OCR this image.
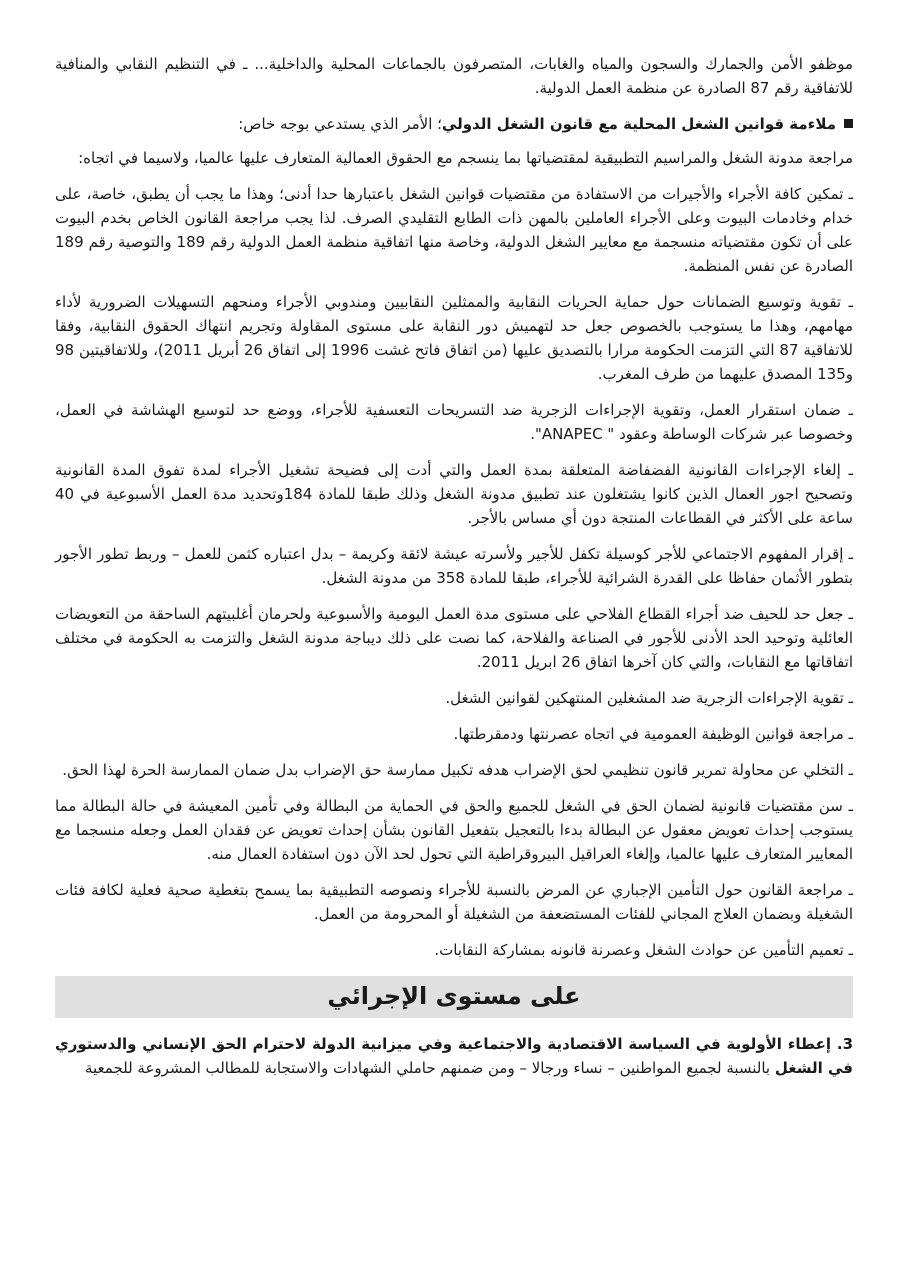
موظفو الأمن والجمارك والسجون والمياه والغابات، المتصرفون بالجماعات المحلية والداخلية... ـ في التنظيم النقابي والمنافية للاتفاقية رقم 87 الصادرة عن منظمة العمل الدولية.

ملاءمة قوانين الشغل المحلية مع قانون الشغل الدولي؛ الأمر الذي يستدعي بوجه خاص:

مراجعة مدونة الشغل والمراسيم التطبيقية لمقتضياتها بما ينسجم مع الحقوق العمالية المتعارف عليها عالميا، ولاسيما في اتجاه:

ـ تمكين كافة الأجراء والأجيرات من الاستفادة من مقتضيات قوانين الشغل باعتبارها حدا أدنى؛ وهذا ما يجب أن يطبق، خاصة، على خدام وخادمات البيوت وعلى الأجراء العاملين بالمهن ذات الطابع التقليدي الصرف. لذا يجب مراجعة القانون الخاص بخدم البيوت على أن تكون مقتضياته منسجمة مع معايير الشغل الدولية، وخاصة منها اتفاقية منظمة العمل الدولية رقم 189 والتوصية رقم 189 الصادرة عن نفس المنظمة.

ـ تقوية وتوسيع الضمانات حول حماية الحريات النقابية والممثلين النقابيين ومندوبي الأجراء ومنحهم التسهيلات الضرورية لأداء مهامهم، وهذا ما يستوجب بالخصوص جعل حد لتهميش دور النقابة على مستوى المقاولة وتجريم انتهاك الحقوق النقابية، وفقا للاتفاقية 87 التي التزمت الحكومة مرارا بالتصديق عليها (من اتفاق فاتح غشت 1996 إلى اتفاق 26 أبريل 2011)، وللاتفاقيتين 98 و135 المصدق عليهما من طرف المغرب.

ـ ضمان استقرار العمل، وتقوية الإجراءات الزجرية ضد التسريحات التعسفية للأجراء، ووضع حد لتوسيع الهشاشة في العمل، وخصوصا عبر شركات الوساطة وعقود " ANAPEC".

ـ إلغاء الإجراءات القانونية الفضفاضة المتعلقة بمدة العمل والتي أدت إلى فضيحة تشغيل الأجراء لمدة تفوق المدة القانونية وتصحيح اجور العمال الذين كانوا يشتغلون عند تطبيق مدونة الشغل وذلك طبقا للمادة 184وتحديد مدة العمل الأسبوعية في 40 ساعة على الأكثر في القطاعات المنتجة دون أي مساس بالأجر.

ـ إقرار المفهوم الاجتماعي للأجر كوسيلة تكفل للأجير ولأسرته عيشة لائقة وكريمة – بدل اعتباره كثمن للعمل – وربط تطور الأجور بتطور الأثمان حفاظا على القدرة الشرائية للأجراء، طبقا للمادة 358 من مدونة الشغل.

ـ جعل حد للحيف ضد أجراء القطاع الفلاحي على مستوى مدة العمل اليومية والأسبوعية ولحرمان أغلبيتهم الساحقة من التعويضات العائلية وتوحيد الحد الأدنى للأجور في الصناعة والفلاحة، كما نصت على ذلك ديباجة مدونة الشغل والتزمت به الحكومة في مختلف اتفاقاتها مع النقابات، والتي كان آخرها اتفاق 26 ابريل 2011.

ـ تقوية الإجراءات الزجرية ضد المشغلين المنتهكين لقوانين الشغل.

ـ مراجعة قوانين الوظيفة العمومية في اتجاه عصرنتها ودمقرطتها.

ـ التخلي عن محاولة تمرير قانون تنظيمي لحق الإضراب هدفه تكبيل ممارسة حق الإضراب بدل ضمان الممارسة الحرة لهذا الحق.

ـ سن مقتضيات قانونية لضمان الحق في الشغل للجميع والحق في الحماية من البطالة وفي تأمين المعيشة في حالة البطالة مما يستوجب إحداث تعويض معقول عن البطالة بدءا بالتعجيل بتفعيل القانون بشأن إحداث تعويض عن فقدان العمل وجعله منسجما مع المعايير المتعارف عليها عالميا، وإلغاء العراقيل البيروقراطية التي تحول لحد الآن دون استفادة العمال منه.

ـ مراجعة القانون حول التأمين الإجباري عن المرض بالنسبة للأجراء ونصوصه التطبيقية بما يسمح بتغطية صحية فعلية لكافة فئات الشغيلة وبضمان العلاج المجاني للفئات المستضعفة من الشغيلة أو المحرومة من العمل.

ـ تعميم التأمين عن حوادث الشغل وعصرنة قانونه بمشاركة النقابات.

على مستوى الإجرائي

3. إعطاء الأولوية في السياسة الاقتصادية والاجتماعية وفي ميزانية الدولة لاحترام الحق الإنساني والدستوري في الشغل بالنسبة لجميع المواطنين – نساء ورجالا – ومن ضمنهم حاملي الشهادات والاستجابة للمطالب المشروعة للجمعية
